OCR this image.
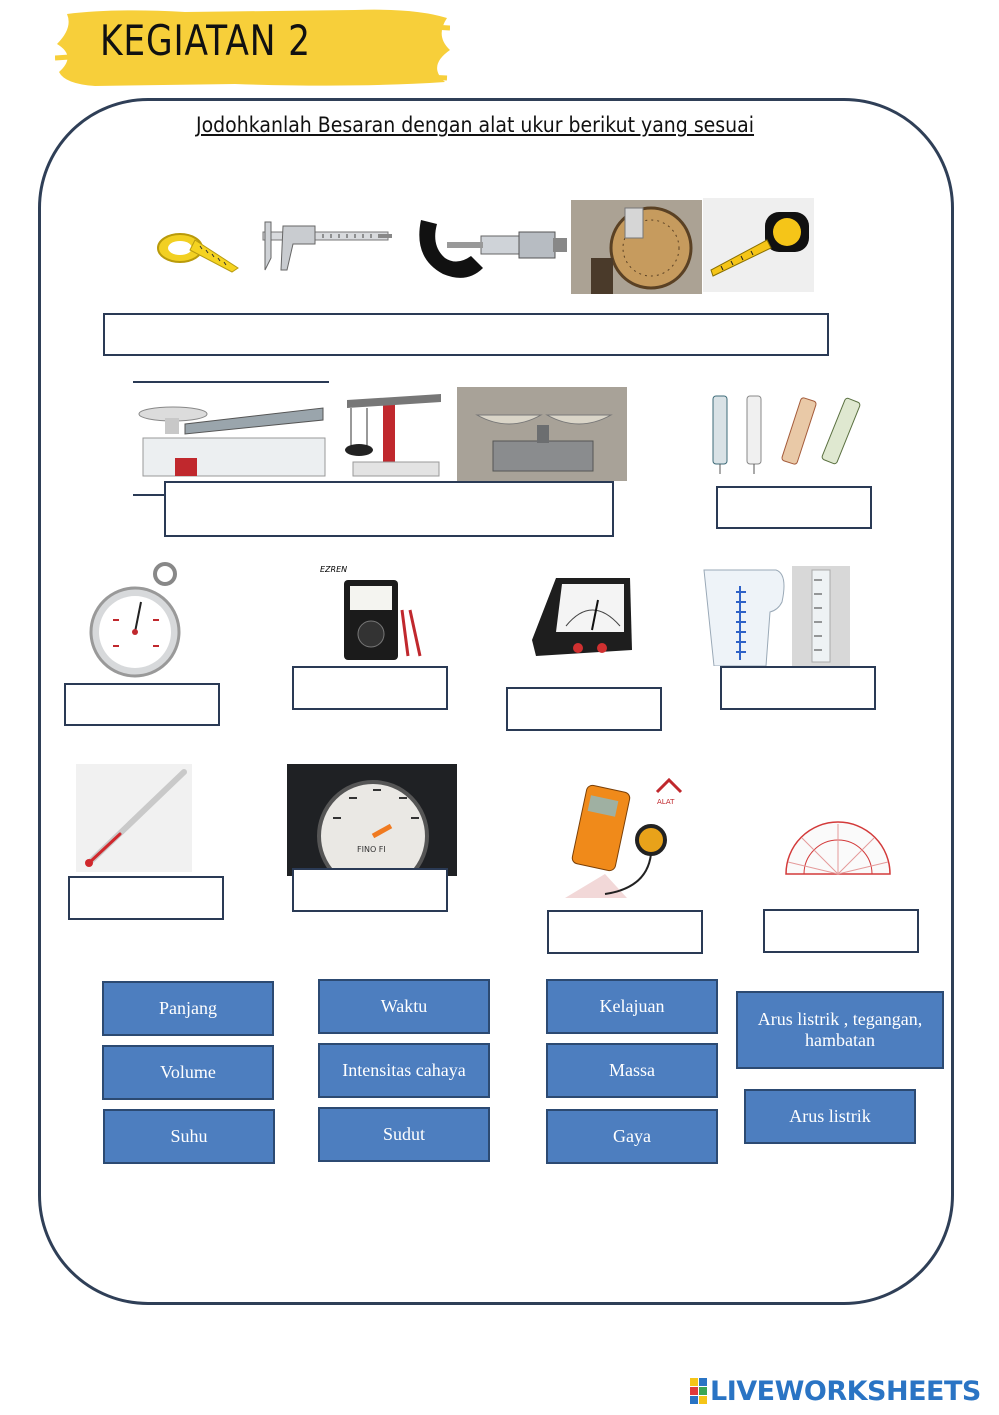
KEGIATAN 2
Jodohkanlah Besaran dengan alat ukur berikut yang sesuai
EZREN
FINO FI
ALAT
Panjang	Waktu	Kelajuan
Arus listrik , tegangan, hambatan
Volume	Intensitas cahaya	Massa
Arus listrik
Suhu	Sudut	Gaya
LIVEWORKSHEETS
